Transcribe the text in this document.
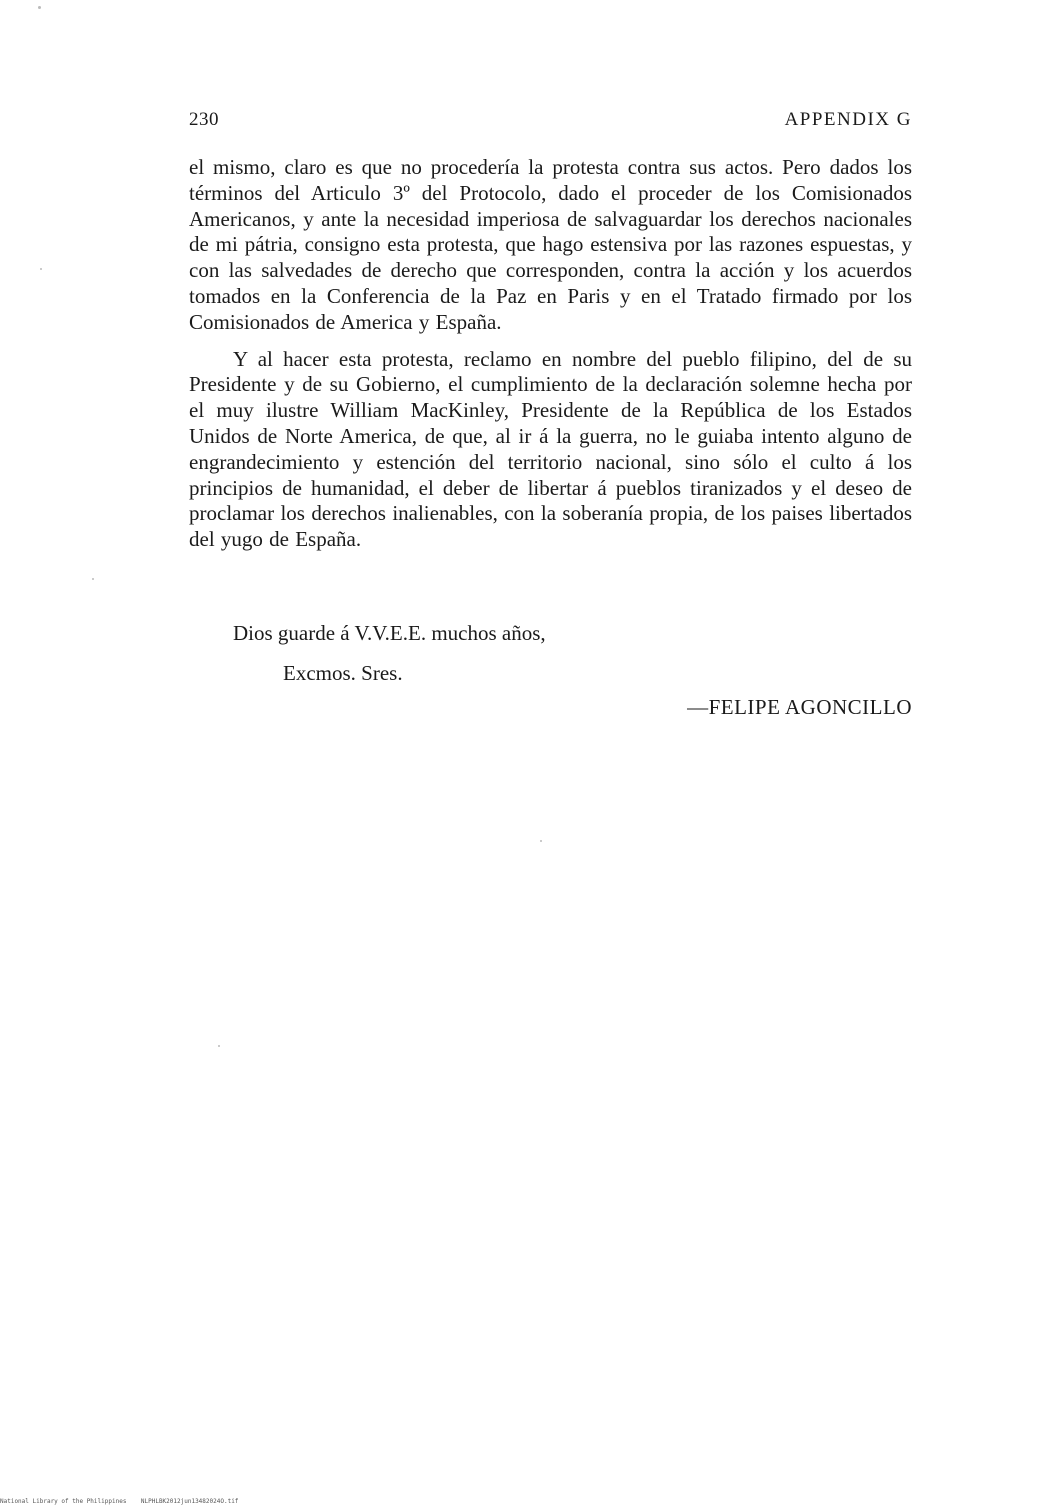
230	APPENDIX G

el mismo, claro es que no procedería la protesta contra sus actos. Pero dados los términos del Articulo 3º del Protocolo, dado el proceder de los Comisionados Americanos, y ante la necesidad imperiosa de salvaguardar los derechos nacionales de mi pátria, consigno esta protesta, que hago estensiva por las razones espuestas, y con las salvedades de derecho que corresponden, contra la acción y los acuerdos tomados en la Conferencia de la Paz en Paris y en el Tratado firmado por los Comisionados de America y España.

Y al hacer esta protesta, reclamo en nombre del pueblo filipino, del de su Presidente y de su Gobierno, el cumplimiento de la declaración solemne hecha por el muy ilustre William MacKinley, Presidente de la República de los Estados Unidos de Norte America, de que, al ir á la guerra, no le guiaba intento alguno de engrandecimiento y estención del territorio nacional, sino sólo el culto á los principios de humanidad, el deber de libertar á pueblos tiranizados y el deseo de proclamar los derechos inalienables, con la soberanía propia, de los paises libertados del yugo de España.

Dios guarde á V.V.E.E. muchos años,
Excmos. Sres.
—FELIPE AGONCILLO
National Library of the Philippines    NLPHLBK2012jun13482024O.tif
